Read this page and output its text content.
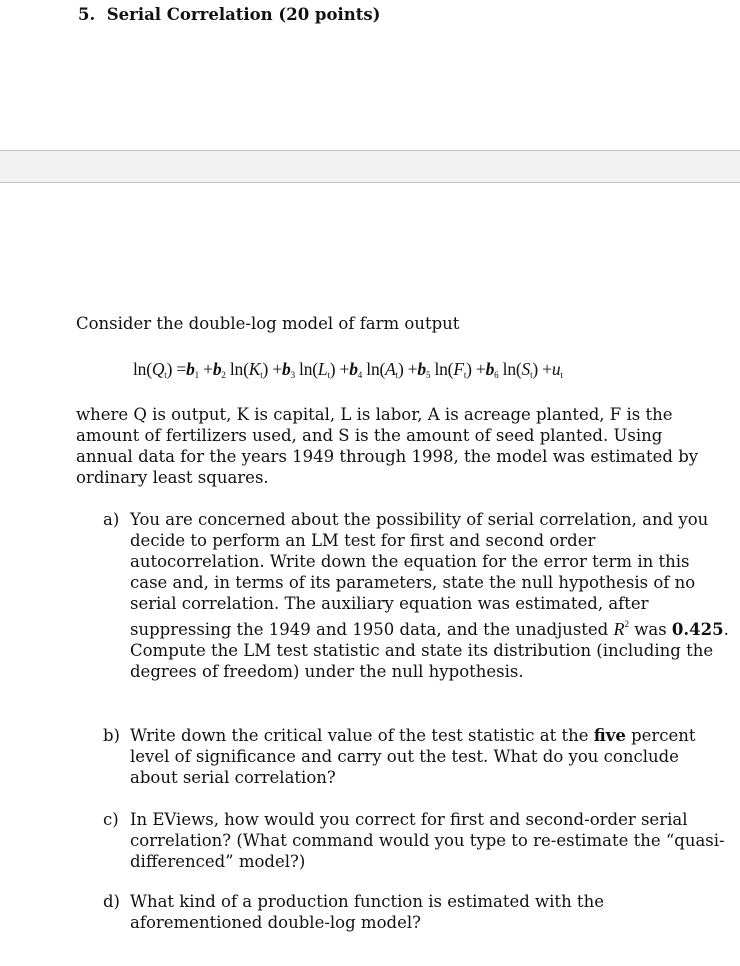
5.  Serial Correlation (20 points)
Consider the double-log model of farm output
$\ln(Q_t) =b_1 +b_2$ $\ln(K_t) +b_3$ $\ln(L_t) +b_4$ $\ln(A_t) +b_5$ $\ln(F_t) +b_6$ $\ln(S_t) +u_t$
where Q is output, K is capital, L is labor, A is acreage planted, F is the amount of fertilizers used, and S is the amount of seed planted. Using annual data for the years 1949 through 1998, the model was estimated by ordinary least squares.
a) You are concerned about the possibility of serial correlation, and you decide to perform an LM test for first and second order autocorrelation. Write down the equation for the error term in this case and, in terms of its parameters, state the null hypothesis of no serial correlation. The auxiliary equation was estimated, after suppressing the 1949 and 1950 data, and the unadjusted $R^2$ was 0.425. Compute the LM test statistic and state its distribution (including the degrees of freedom) under the null hypothesis.
b) Write down the critical value of the test statistic at the five percent level of significance and carry out the test. What do you conclude about serial correlation?
c) In EViews, how would you correct for first and second-order serial correlation? (What command would you type to re-estimate the “quasi-differenced” model?)
d) What kind of a production function is estimated with the aforementioned double-log model?
